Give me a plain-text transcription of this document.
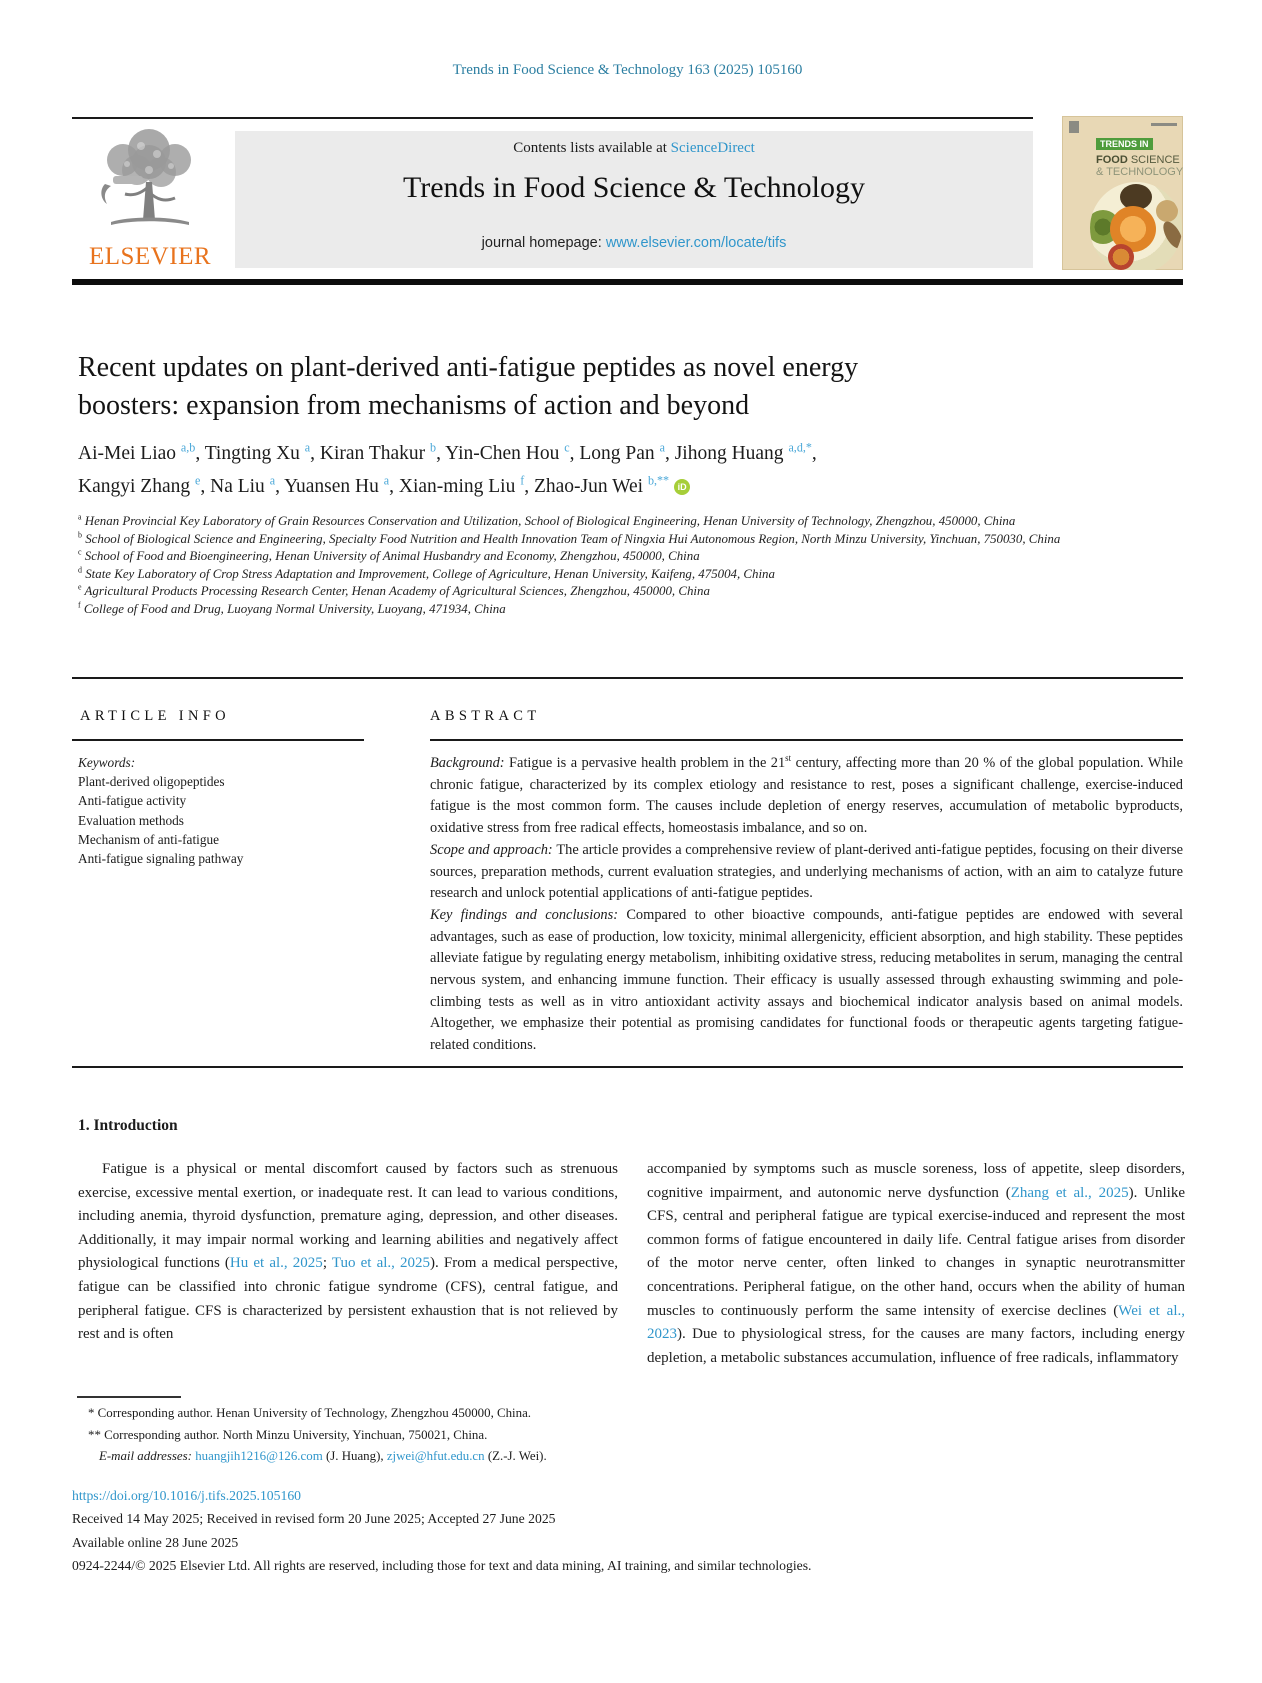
Trends in Food Science & Technology 163 (2025) 105160
ELSEVIER
Contents lists available at ScienceDirect
Trends in Food Science & Technology
journal homepage: www.elsevier.com/locate/tifs
TRENDS IN
FOOD SCIENCE
& TECHNOLOGY
Recent updates on plant-derived anti-fatigue peptides as novel energy
boosters: expansion from mechanisms of action and beyond
Ai-Mei Liao $^{a,b}$, Tingting Xu $^a$, Kiran Thakur $^b$, Yin-Chen Hou $^c$, Long Pan $^a$, Jihong Huang $^{a,d,*}$,
Kangyi Zhang $^e$, Na Liu $^a$, Yuansen Hu $^a$, Xian-ming Liu $^f$, Zhao-Jun Wei $^{b,**}$ iD
$^a$ Henan Provincial Key Laboratory of Grain Resources Conservation and Utilization, School of Biological Engineering, Henan University of Technology, Zhengzhou, 450000, China
$^b$ School of Biological Science and Engineering, Specialty Food Nutrition and Health Innovation Team of Ningxia Hui Autonomous Region, North Minzu University, Yinchuan, 750030, China
$^c$ School of Food and Bioengineering, Henan University of Animal Husbandry and Economy, Zhengzhou, 450000, China
$^d$ State Key Laboratory of Crop Stress Adaptation and Improvement, College of Agriculture, Henan University, Kaifeng, 475004, China
$^e$ Agricultural Products Processing Research Center, Henan Academy of Agricultural Sciences, Zhengzhou, 450000, China
$^f$ College of Food and Drug, Luoyang Normal University, Luoyang, 471934, China
ARTICLE INFO
Keywords:
Plant-derived oligopeptides
Anti-fatigue activity
Evaluation methods
Mechanism of anti-fatigue
Anti-fatigue signaling pathway
ABSTRACT
Background: Fatigue is a pervasive health problem in the 21st century, affecting more than 20 % of the global population. While chronic fatigue, characterized by its complex etiology and resistance to rest, poses a significant challenge, exercise-induced fatigue is the most common form. The causes include depletion of energy reserves, accumulation of metabolic byproducts, oxidative stress from free radical effects, homeostasis imbalance, and so on.
Scope and approach: The article provides a comprehensive review of plant-derived anti-fatigue peptides, focusing on their diverse sources, preparation methods, current evaluation strategies, and underlying mechanisms of action, with an aim to catalyze future research and unlock potential applications of anti-fatigue peptides.
Key findings and conclusions: Compared to other bioactive compounds, anti-fatigue peptides are endowed with several advantages, such as ease of production, low toxicity, minimal allergenicity, efficient absorption, and high stability. These peptides alleviate fatigue by regulating energy metabolism, inhibiting oxidative stress, reducing metabolites in serum, managing the central nervous system, and enhancing immune function. Their efficacy is usually assessed through exhausting swimming and pole-climbing tests as well as in vitro antioxidant activity assays and biochemical indicator analysis based on animal models. Altogether, we emphasize their potential as promising candidates for functional foods or therapeutic agents targeting fatigue-related conditions.
1. Introduction
Fatigue is a physical or mental discomfort caused by factors such as strenuous exercise, excessive mental exertion, or inadequate rest. It can lead to various conditions, including anemia, thyroid dysfunction, premature aging, depression, and other diseases. Additionally, it may impair normal working and learning abilities and negatively affect physiological functions (Hu et al., 2025; Tuo et al., 2025). From a medical perspective, fatigue can be classified into chronic fatigue syndrome (CFS), central fatigue, and peripheral fatigue. CFS is characterized by persistent exhaustion that is not relieved by rest and is often
accompanied by symptoms such as muscle soreness, loss of appetite, sleep disorders, cognitive impairment, and autonomic nerve dysfunction (Zhang et al., 2025). Unlike CFS, central and peripheral fatigue are typical exercise-induced and represent the most common forms of fatigue encountered in daily life. Central fatigue arises from disorder of the motor nerve center, often linked to changes in synaptic neurotransmitter concentrations. Peripheral fatigue, on the other hand, occurs when the ability of human muscles to continuously perform the same intensity of exercise declines (Wei et al., 2023). Due to physiological stress, for the causes are many factors, including energy depletion, a metabolic substances accumulation, influence of free radicals, inflammatory
* Corresponding author. Henan University of Technology, Zhengzhou 450000, China.
** Corresponding author. North Minzu University, Yinchuan, 750021, China.
E-mail addresses: huangjih1216@126.com (J. Huang), zjwei@hfut.edu.cn (Z.-J. Wei).
https://doi.org/10.1016/j.tifs.2025.105160
Received 14 May 2025; Received in revised form 20 June 2025; Accepted 27 June 2025
Available online 28 June 2025
0924-2244/© 2025 Elsevier Ltd. All rights are reserved, including those for text and data mining, AI training, and similar technologies.
